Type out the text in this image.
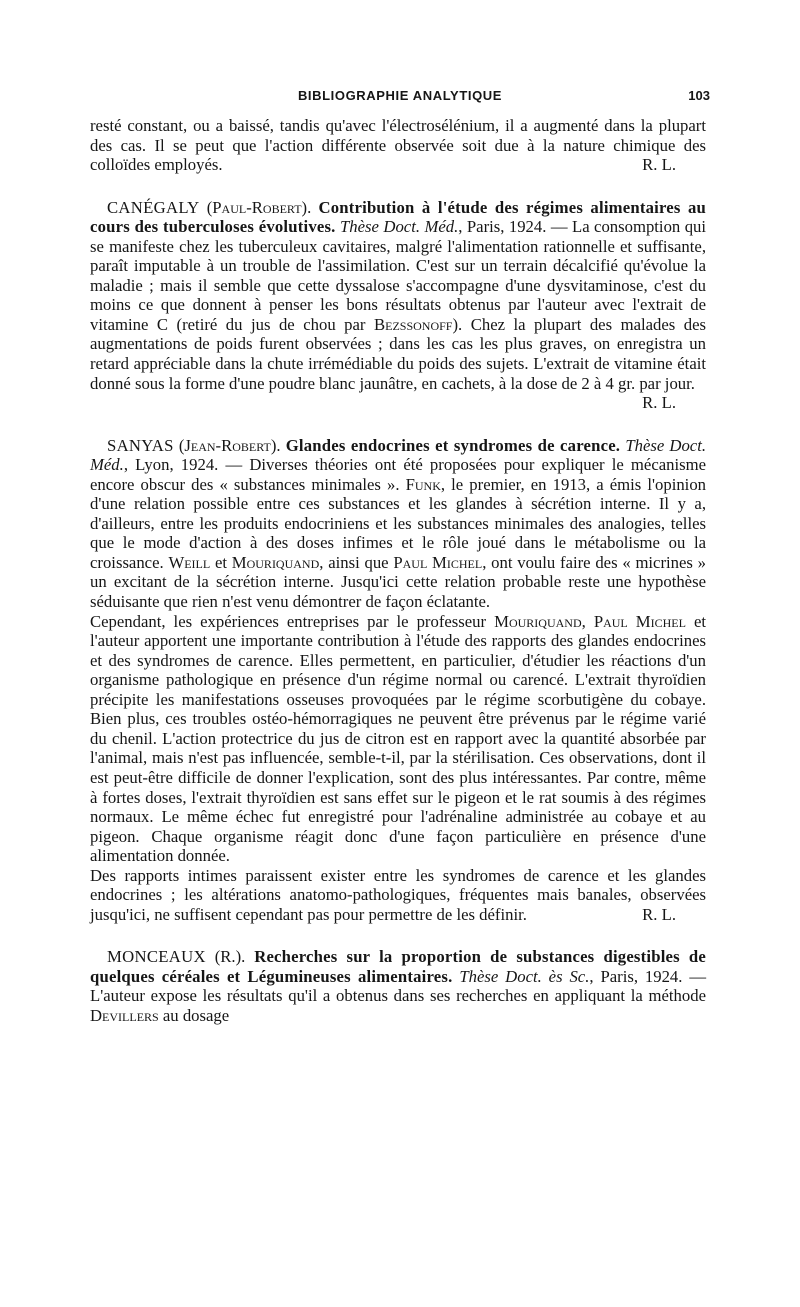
BIBLIOGRAPHIE ANALYTIQUE	103

resté constant, ou a baissé, tandis qu'avec l'électrosélénium, il a augmenté dans la plupart des cas. Il se peut que l'action différente observée soit due à la nature chimique des colloïdes employés.	R. L.

CANÉGALY (Paul-Robert). Contribution à l'étude des régimes alimentaires au cours des tuberculoses évolutives. Thèse Doct. Méd., Paris, 1924. — La consomption qui se manifeste chez les tuberculeux cavitaires, malgré l'alimentation rationnelle et suffisante, paraît imputable à un trouble de l'assimilation. C'est sur un terrain décalcifié qu'évolue la maladie ; mais il semble que cette dyssalose s'accompagne d'une dysvitaminose, c'est du moins ce que donnent à penser les bons résultats obtenus par l'auteur avec l'extrait de vitamine C (retiré du jus de chou par Bezssonoff). Chez la plupart des malades des augmentations de poids furent observées ; dans les cas les plus graves, on enregistra un retard appréciable dans la chute irrémédiable du poids des sujets. L'extrait de vitamine était donné sous la forme d'une poudre blanc jaunâtre, en cachets, à la dose de 2 à 4 gr. par jour.
R. L.

SANYAS (Jean-Robert). Glandes endocrines et syndromes de carence. Thèse Doct. Méd., Lyon, 1924. — Diverses théories ont été proposées pour expliquer le mécanisme encore obscur des « substances minimales ». Funk, le premier, en 1913, a émis l'opinion d'une relation possible entre ces substances et les glandes à sécrétion interne. Il y a, d'ailleurs, entre les produits endocriniens et les substances minimales des analogies, telles que le mode d'action à des doses infimes et le rôle joué dans le métabolisme ou la croissance. Weill et Mouriquand, ainsi que Paul Michel, ont voulu faire des « micrines » un excitant de la sécrétion interne. Jusqu'ici cette relation probable reste une hypothèse séduisante que rien n'est venu démontrer de façon éclatante.

Cependant, les expériences entreprises par le professeur Mouriquand, Paul Michel et l'auteur apportent une importante contribution à l'étude des rapports des glandes endocrines et des syndromes de carence. Elles permettent, en particulier, d'étudier les réactions d'un organisme pathologique en présence d'un régime normal ou carencé. L'extrait thyroïdien précipite les manifestations osseuses provoquées par le régime scorbutigène du cobaye. Bien plus, ces troubles ostéo-hémorragiques ne peuvent être prévenus par le régime varié du chenil. L'action protectrice du jus de citron est en rapport avec la quantité absorbée par l'animal, mais n'est pas influencée, semble-t-il, par la stérilisation. Ces observations, dont il est peut-être difficile de donner l'explication, sont des plus intéressantes. Par contre, même à fortes doses, l'extrait thyroïdien est sans effet sur le pigeon et le rat soumis à des régimes normaux. Le même échec fut enregistré pour l'adrénaline administrée au cobaye et au pigeon. Chaque organisme réagit donc d'une façon particulière en présence d'une alimentation donnée.

Des rapports intimes paraissent exister entre les syndromes de carence et les glandes endocrines ; les altérations anatomo-pathologiques, fréquentes mais banales, observées jusqu'ici, ne suffisent cependant pas pour permettre de les définir.	R. L.

MONCEAUX (R.). Recherches sur la proportion de substances digestibles de quelques céréales et Légumineuses alimentaires. Thèse Doct. ès Sc., Paris, 1924. — L'auteur expose les résultats qu'il a obtenus dans ses recherches en appliquant la méthode Devillers au dosage
